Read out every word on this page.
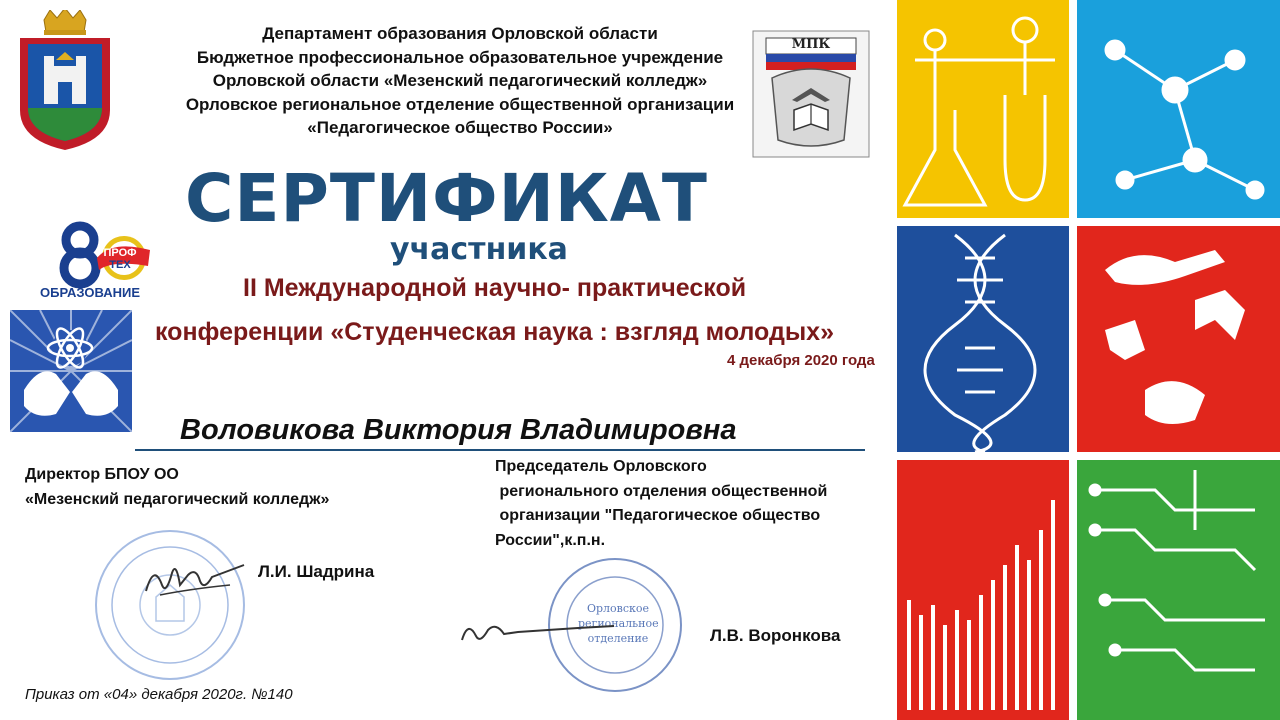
Департамент образования Орловской области
Бюджетное профессиональное образовательное учреждение
Орловской области «Мезенский педагогический колледж»
Орловское региональное отделение общественной организации
«Педагогическое общество России»
МПК
СЕРТИФИКАТ
участника
ПРОФ
ТЕХ
ОБРАЗОВАНИЕ	II Международной научно- практической
конференции «Студенческая наука : взгляд молодых»
4 декабря 2020 года
Воловикова Виктория Владимировна
Директор БПОУ ОО
«Мезенский педагогический колледж»
Л.И. Шадрина
Председатель Орловского
регионального отделения общественной
организации "Педагогическое общество
России",к.п.н.
Орловское
региональное
отделение	Л.В. Воронкова
Приказ от «04» декабря 2020г. №140
